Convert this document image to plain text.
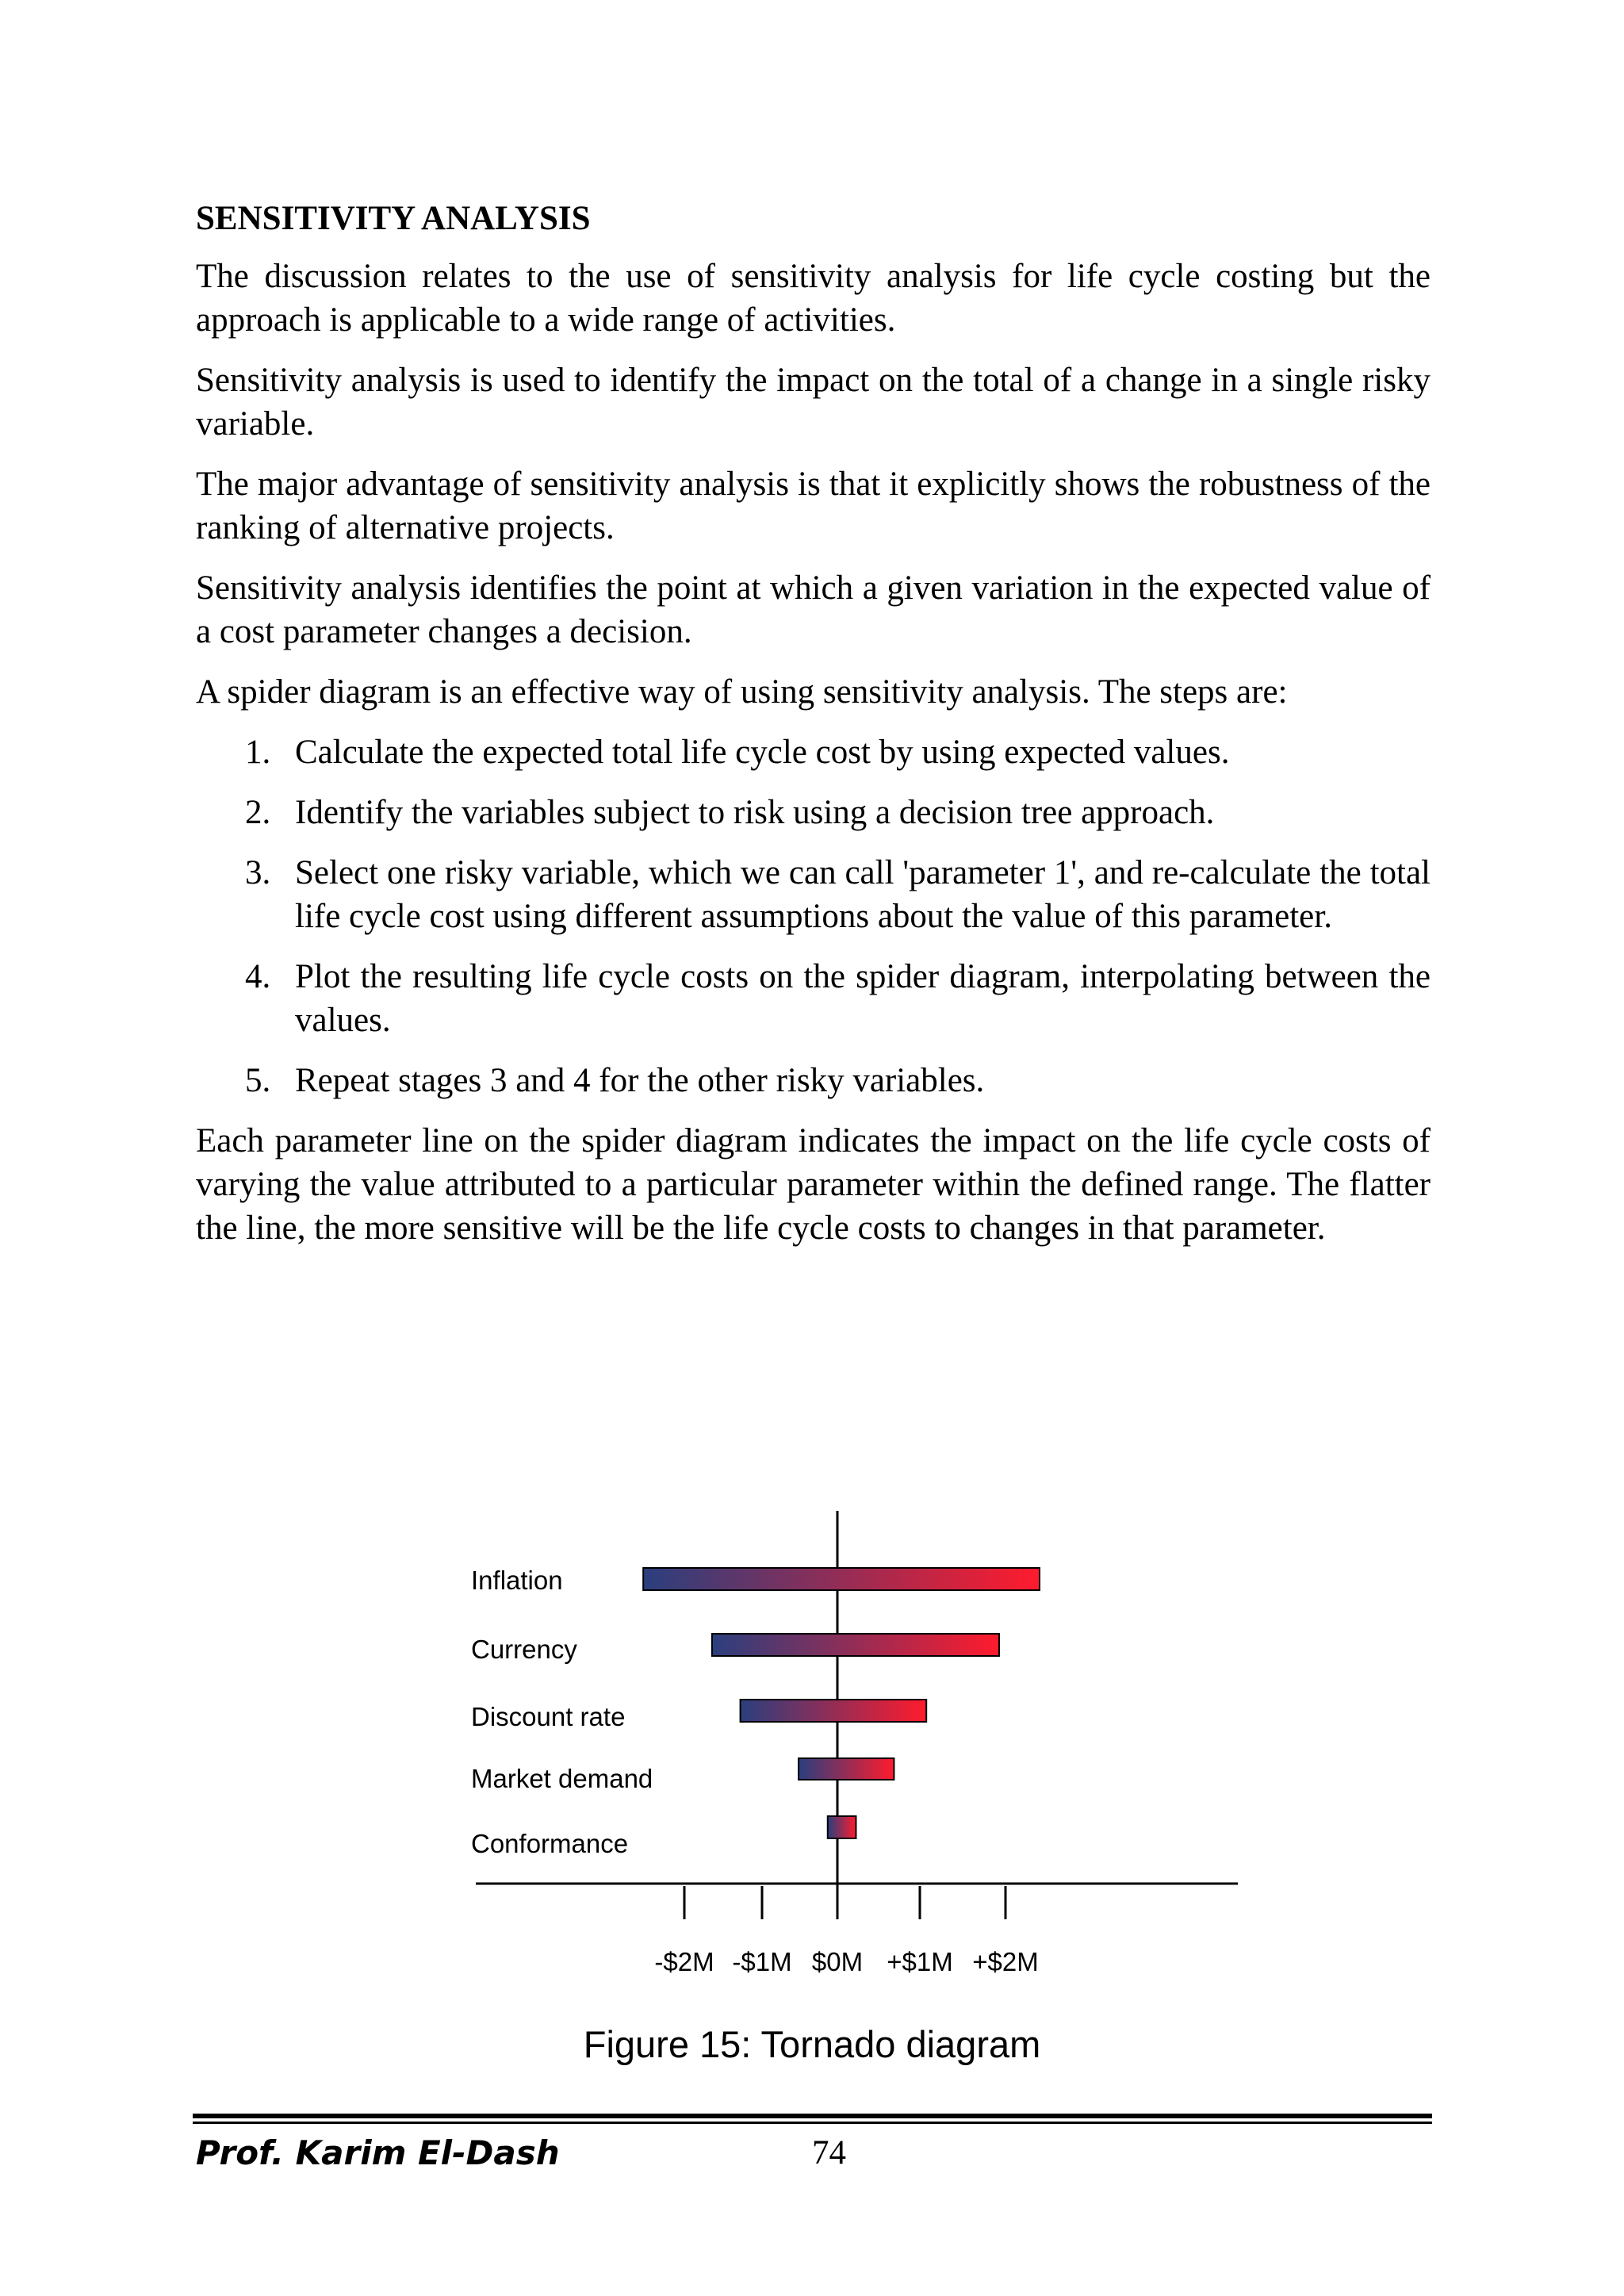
SENSITIVITY ANALYSIS

The discussion relates to the use of sensitivity analysis for life cycle costing but the approach is applicable to a wide range of activities.

Sensitivity analysis is used to identify the impact on the total of a change in a single risky variable.

The major advantage of sensitivity analysis is that it explicitly shows the robustness of the ranking of alternative projects.

Sensitivity analysis identifies the point at which a given variation in the expected value of a cost parameter changes a decision.

A spider diagram is an effective way of using sensitivity analysis. The steps are:

1. Calculate the expected total life cycle cost by using expected values.
2. Identify the variables subject to risk using a decision tree approach.
3. Select one risky variable, which we can call 'parameter 1', and re-calculate the total life cycle cost using different assumptions about the value of this parameter.
4. Plot the resulting life cycle costs on the spider diagram, interpolating between the values.
5. Repeat stages 3 and 4 for the other risky variables.

Each parameter line on the spider diagram indicates the impact on the life cycle costs of varying the value attributed to a particular parameter within the defined range. The flatter the line, the more sensitive will be the life cycle costs to changes in that parameter.

Inflation
Currency
Discount rate
Market demand
Conformance
-$2M -$1M $0M +$1M +$2M
Figure 15: Tornado diagram
Prof. Karim El-Dash	74
